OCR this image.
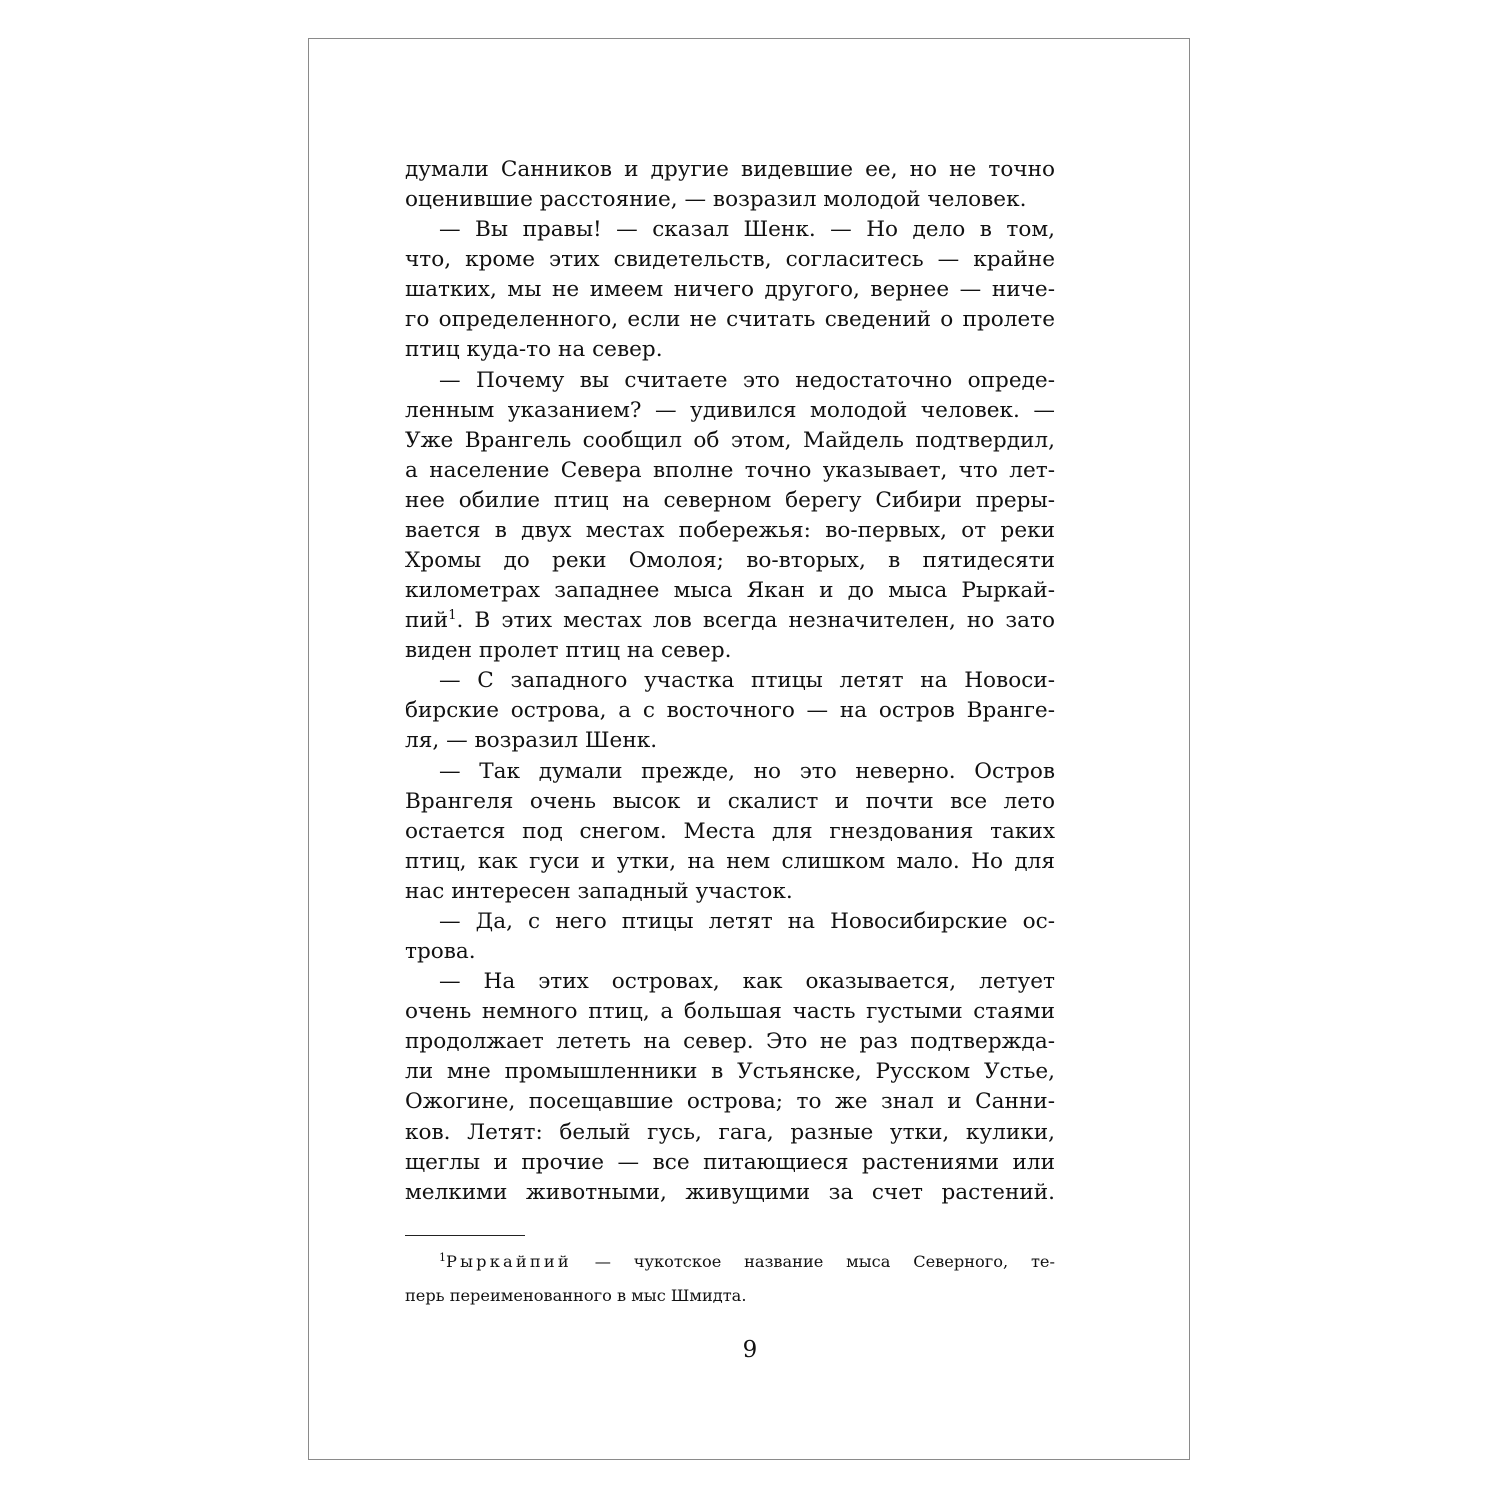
думали Санников и другие видевшие ее, но не точно
оценившие расстояние, — возразил молодой человек.
— Вы правы! — сказал Шенк. — Но дело в том,
что, кроме этих свидетельств, согласитесь — крайне
шатких, мы не имеем ничего другого, вернее — ниче-
го определенного, если не считать сведений о пролете
птиц куда-то на север.
— Почему вы считаете это недостаточно опреде-
ленным указанием? — удивился молодой человек. —
Уже Врангель сообщил об этом, Майдель подтвердил,
а население Севера вполне точно указывает, что лет-
нее обилие птиц на северном берегу Сибири преры-
вается в двух местах побережья: во-первых, от реки
Хромы до реки Омолоя; во-вторых, в пятидесяти
километрах западнее мыса Якан и до мыса Рыркай-
пий$^1$. В этих местах лов всегда незначителен, но зато
виден пролет птиц на север.
— С западного участка птицы летят на Новоси-
бирские острова, а с восточного — на остров Вранге-
ля, — возразил Шенк.
— Так думали прежде, но это неверно. Остров
Врангеля очень высок и скалист и почти все лето
остается под снегом. Места для гнездования таких
птиц, как гуси и утки, на нем слишком мало. Но для
нас интересен западный участок.
— Да, с него птицы летят на Новосибирские ос-
трова.
— На этих островах, как оказывается, летует
очень немного птиц, а большая часть густыми стаями
продолжает лететь на север. Это не раз подтвержда-
ли мне промышленники в Устьянске, Русском Устье,
Ожогине, посещавшие острова; то же знал и Санни-
ков. Летят: белый гусь, гага, разные утки, кулики,
щеглы и прочие — все питающиеся растениями или
мелкими животными, живущими за счет растений.
$^1$Рыркайпий — чукотское название мыса Северного, те-
перь переименованного в мыс Шмидта.
9
